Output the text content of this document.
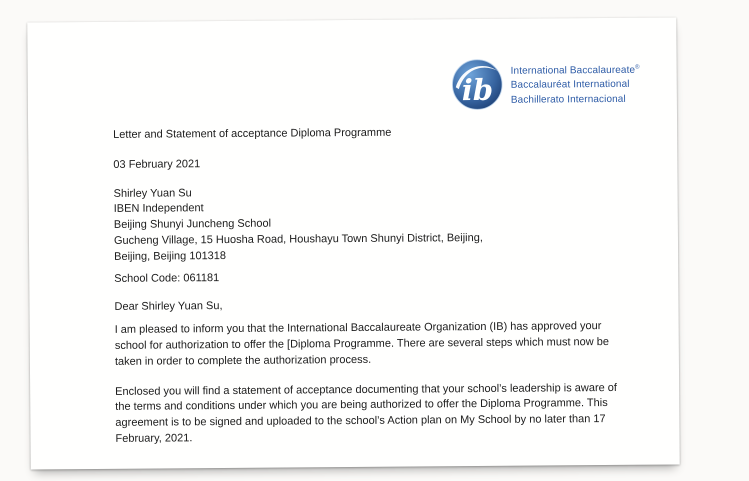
ib
International Baccalaureate®
Baccalauréat International
Bachillerato Internacional
Letter and Statement of acceptance Diploma Programme
03 February 2021
Shirley Yuan Su
IBEN Independent
Beijing Shunyi Juncheng School
Gucheng Village, 15 Huosha Road, Houshayu Town Shunyi District, Beijing,
Beijing, Beijing 101318
School Code: 061181
Dear Shirley Yuan Su,
I am pleased to inform you that the International Baccalaureate Organization (IB) has approved your
school for authorization to offer the [Diploma Programme. There are several steps which must now be
taken in order to complete the authorization process.
Enclosed you will find a statement of acceptance documenting that your school’s leadership is aware of
the terms and conditions under which you are being authorized to offer the Diploma Programme. This
agreement is to be signed and uploaded to the school’s Action plan on My School by no later than 17
February, 2021.
